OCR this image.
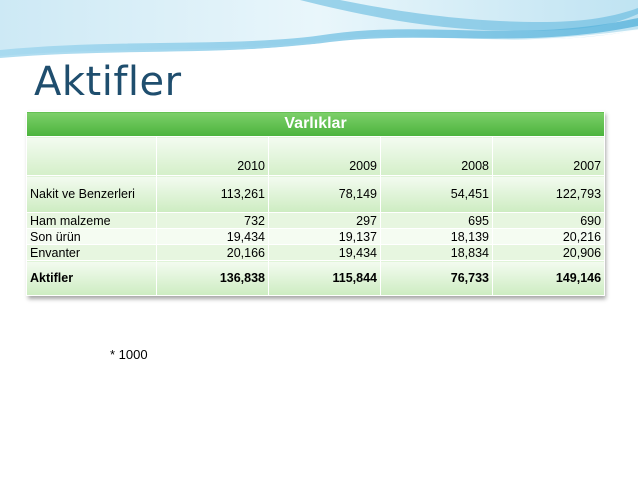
Aktifler
Varlıklar				
	2010	2009	2008	2007
Nakit ve Benzerleri	113,261	78,149	54,451	122,793
Ham malzeme	732	297	695	690
Son ürün	19,434	19,137	18,139	20,216
Envanter	20,166	19,434	18,834	20,906
Aktifler	136,838	115,844	76,733	149,146
* 1000
